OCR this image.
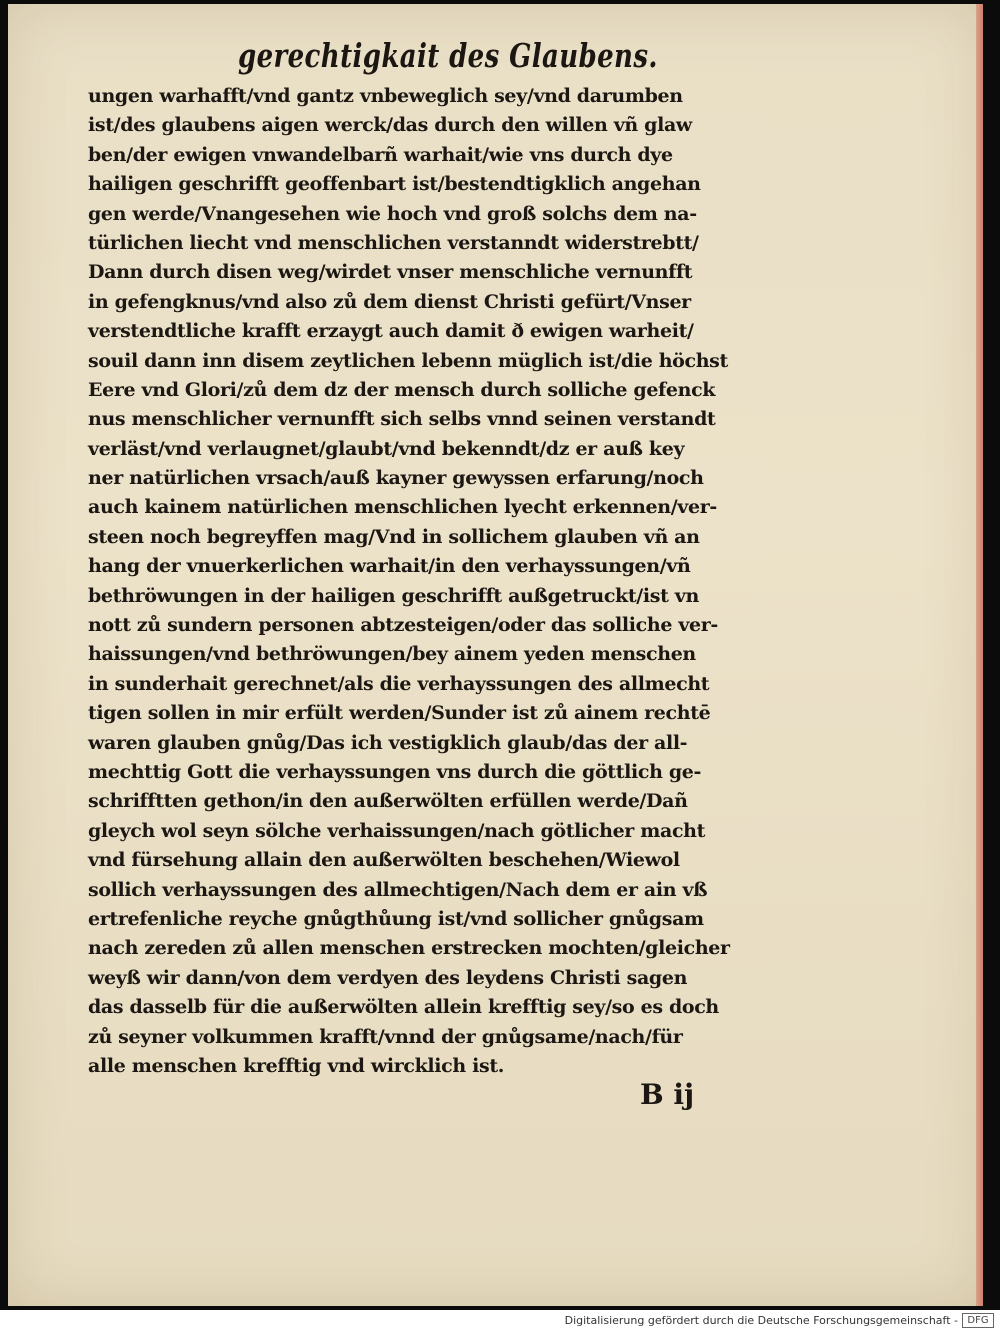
gerechtigkait des Glaubens.
ungen warhafft/vnd gantz vnbeweglich sey/vnd darumben
ist/des glaubens aigen werck/das durch den willen vñ glaw
ben/der ewigen vnwandelbarñ warhait/wie vns durch dye
hailigen geschrifft geoffenbart ist/bestendtigklich angehan
gen werde/Vnangesehen wie hoch vnd groß solchs dem na-
türlichen liecht vnd menschlichen verstanndt widerstrebtt/
Dann durch disen weg/wirdet vnser menschliche vernunfft
in gefengknus/vnd also zů dem dienst Christi gefürt/Vnser
verstendtliche krafft erzaygt auch damit ð ewigen warheit/
souil dann inn disem zeytlichen lebenn müglich ist/die höchst
Eere vnd Glori/zů dem dz der mensch durch solliche gefenck
nus menschlicher vernunfft sich selbs vnnd seinen verstandt
verläst/vnd verlaugnet/glaubt/vnd bekenndt/dz er auß key
ner natürlichen vrsach/auß kayner gewyssen erfarung/noch
auch kainem natürlichen menschlichen lyecht erkennen/ver-
steen noch begreyffen mag/Vnd in sollichem glauben vñ an
hang der vnuerkerlichen warhait/in den verhayssungen/vñ
bethröwungen in der hailigen geschrifft außgetruckt/ist vn
nott zů sundern personen abtzesteigen/oder das solliche ver-
haissungen/vnd bethröwungen/bey ainem yeden menschen
in sunderhait gerechnet/als die verhayssungen des allmecht
tigen sollen in mir erfült werden/Sunder ist zů ainem rechtē
waren glauben gnůg/Das ich vestigklich glaub/das der all-
mechttig Gott die verhayssungen vns durch die göttlich ge-
schrifftten gethon/in den außerwölten erfüllen werde/Dañ
gleych wol seyn sölche verhaissungen/nach götlicher macht
vnd fürsehung allain den außerwölten beschehen/Wiewol
sollich verhayssungen des allmechtigen/Nach dem er ain vß
ertrefenliche reyche gnůgthůung ist/vnd sollicher gnůgsam
nach zereden zů allen menschen erstrecken mochten/gleicher
weyß wir dann/von dem verdyen des leydens Christi sagen
das dasselb für die außerwölten allein krefftig sey/so es doch
zů seyner volkummen krafft/vnnd der gnůgsame/nach/für
alle menschen krefftig vnd wircklich ist.
B ij
Digitalisierung gefördert durch die Deutsche Forschungsgemeinschaft - DFG
